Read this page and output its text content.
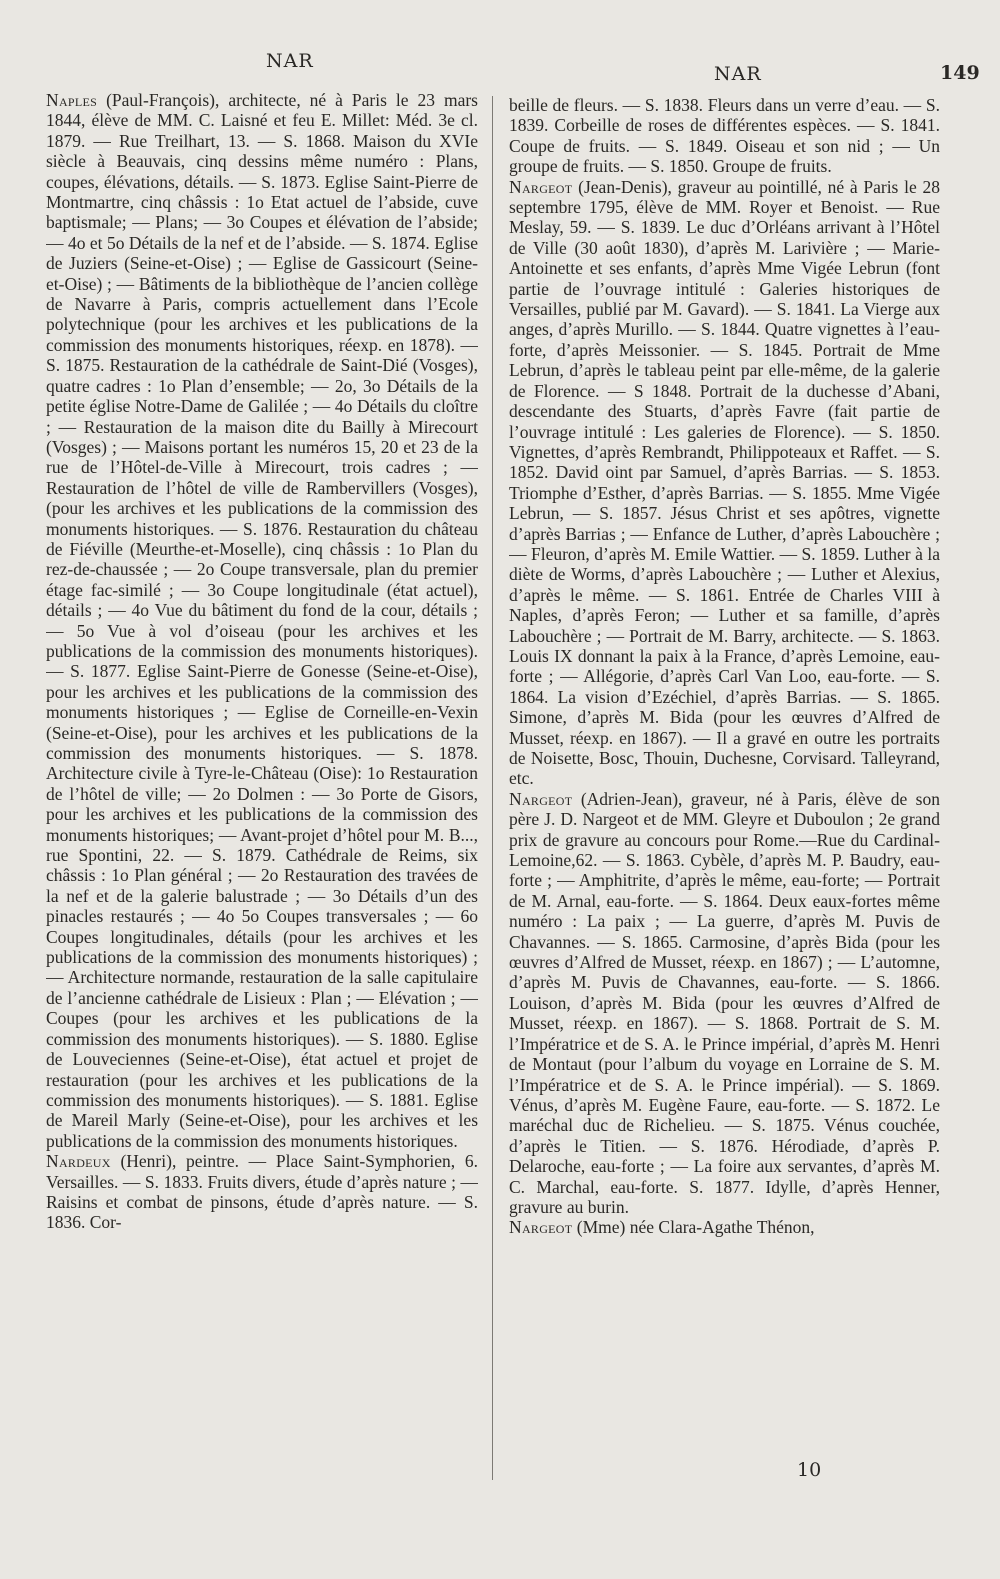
NAR
NAR	149

Naples (Paul-François), architecte, né à Paris le 23 mars 1844, élève de MM. C. Laisné et feu E. Millet: Méd. 3e cl. 1879. — Rue Treilhart, 13. — S. 1868. Maison du XVIe siècle à Beauvais, cinq dessins même numéro : Plans, coupes, élévations, détails. — S. 1873. Eglise Saint-Pierre de Montmartre, cinq châssis : 1o Etat actuel de l’abside, cuve baptismale; — Plans; — 3o Coupes et élévation de l’abside; — 4o et 5o Détails de la nef et de l’abside. — S. 1874. Eglise de Juziers (Seine-et-Oise) ; — Eglise de Gassicourt (Seine-et-Oise) ; — Bâtiments de la bibliothèque de l’ancien collège de Navarre à Paris, compris actuellement dans l’Ecole polytechnique (pour les archives et les publications de la commission des monuments historiques, réexp. en 1878). — S. 1875. Restauration de la cathédrale de Saint-Dié (Vosges), quatre cadres : 1o Plan d’ensemble; — 2o, 3o Détails de la petite église Notre-Dame de Galilée ; — 4o Détails du cloître ; — Restauration de la maison dite du Bailly à Mirecourt (Vosges) ; — Maisons portant les numéros 15, 20 et 23 de la rue de l’Hôtel-de-Ville à Mirecourt, trois cadres ; — Restauration de l’hôtel de ville de Rambervillers (Vosges), (pour les archives et les publications de la commission des monuments historiques. — S. 1876. Restauration du château de Fiéville (Meurthe-et-Moselle), cinq châssis : 1o Plan du rez-de-chaussée ; — 2o Coupe transversale, plan du premier étage fac-similé ; — 3o Coupe longitudinale (état actuel), détails ; — 4o Vue du bâtiment du fond de la cour, détails ; — 5o Vue à vol d’oiseau (pour les archives et les publications de la commission des monuments historiques).— S. 1877. Eglise Saint-Pierre de Gonesse (Seine-et-Oise), pour les archives et les publications de la commission des monuments historiques ; — Eglise de Corneille-en-Vexin (Seine-et-Oise), pour les archives et les publications de la commission des monuments historiques. — S. 1878. Architecture civile à Tyre-le-Château (Oise): 1o Restauration de l’hôtel de ville; — 2o Dolmen : — 3o Porte de Gisors, pour les archives et les publications de la commission des monuments historiques; — Avant-projet d’hôtel pour M. B..., rue Spontini, 22. — S. 1879. Cathédrale de Reims, six châssis : 1o Plan général ; — 2o Restauration des travées de la nef et de la galerie balustrade ; — 3o Détails d’un des pinacles restaurés ; — 4o 5o Coupes transversales ; — 6o Coupes longitudinales, détails (pour les archives et les publications de la commission des monuments historiques) ; — Architecture normande, restauration de la salle capitulaire de l’ancienne cathédrale de Lisieux : Plan ; — Elévation ; — Coupes (pour les archives et les publications de la commission des monuments historiques). — S. 1880. Eglise de Louveciennes (Seine-et-Oise), état actuel et projet de restauration (pour les archives et les publications de la commission des monuments historiques). — S. 1881. Eglise de Mareil Marly (Seine-et-Oise), pour les archives et les publications de la commission des monuments historiques.

Nardeux (Henri), peintre. — Place Saint-Symphorien, 6. Versailles. — S. 1833. Fruits divers, étude d’après nature ; — Raisins et combat de pinsons, étude d’après nature. — S. 1836. Cor-

beille de fleurs. — S. 1838. Fleurs dans un verre d’eau. — S. 1839. Corbeille de roses de différentes espèces. — S. 1841. Coupe de fruits. — S. 1849. Oiseau et son nid ; — Un groupe de fruits. — S. 1850. Groupe de fruits.

Nargeot (Jean-Denis), graveur au pointillé, né à Paris le 28 septembre 1795, élève de MM. Royer et Benoist. — Rue Meslay, 59. — S. 1839. Le duc d’Orléans arrivant à l’Hôtel de Ville (30 août 1830), d’après M. Larivière ; — Marie-Antoinette et ses enfants, d’après Mme Vigée Lebrun (font partie de l’ouvrage intitulé : Galeries historiques de Versailles, publié par M. Gavard). — S. 1841. La Vierge aux anges, d’après Murillo. — S. 1844. Quatre vignettes à l’eau-forte, d’après Meissonier. — S. 1845. Portrait de Mme Lebrun, d’après le tableau peint par elle-même, de la galerie de Florence. — S 1848. Portrait de la duchesse d’Abani, descendante des Stuarts, d’après Favre (fait partie de l’ouvrage intitulé : Les galeries de Florence). — S. 1850. Vignettes, d’après Rembrandt, Philippoteaux et Raffet. — S. 1852. David oint par Samuel, d’après Barrias. — S. 1853. Triomphe d’Esther, d’après Barrias. — S. 1855. Mme Vigée Lebrun, — S. 1857. Jésus Christ et ses apôtres, vignette d’après Barrias ; — Enfance de Luther, d’après Labouchère ; — Fleuron, d’après M. Emile Wattier. — S. 1859. Luther à la diète de Worms, d’après Labouchère ; — Luther et Alexius, d’après le même. — S. 1861. Entrée de Charles VIII à Naples, d’après Feron; — Luther et sa famille, d’après Labouchère ; — Portrait de M. Barry, architecte. — S. 1863. Louis IX donnant la paix à la France, d’après Lemoine, eau-forte ; — Allégorie, d’après Carl Van Loo, eau-forte. — S. 1864. La vision d’Ezéchiel, d’après Barrias. — S. 1865. Simone, d’après M. Bida (pour les œuvres d’Alfred de Musset, réexp. en 1867). — Il a gravé en outre les portraits de Noisette, Bosc, Thouin, Duchesne, Corvisard. Talleyrand, etc.

Nargeot (Adrien-Jean), graveur, né à Paris, élève de son père J. D. Nargeot et de MM. Gleyre et Duboulon ; 2e grand prix de gravure au concours pour Rome.—Rue du Cardinal-Lemoine,62. — S. 1863. Cybèle, d’après M. P. Baudry, eau-forte ; — Amphitrite, d’après le même, eau-forte; — Portrait de M. Arnal, eau-forte. — S. 1864. Deux eaux-fortes même numéro : La paix ; — La guerre, d’après M. Puvis de Chavannes. — S. 1865. Carmosine, d’après Bida (pour les œuvres d’Alfred de Musset, réexp. en 1867) ; — L’automne, d’après M. Puvis de Chavannes, eau-forte. — S. 1866. Louison, d’après M. Bida (pour les œuvres d’Alfred de Musset, réexp. en 1867). — S. 1868. Portrait de S. M. l’Impératrice et de S. A. le Prince impérial, d’après M. Henri de Montaut (pour l’album du voyage en Lorraine de S. M. l’Impératrice et de S. A. le Prince impérial). — S. 1869. Vénus, d’après M. Eugène Faure, eau-forte. — S. 1872. Le maréchal duc de Richelieu. — S. 1875. Vénus couchée, d’après le Titien. — S. 1876. Hérodiade, d’après P. Delaroche, eau-forte ; — La foire aux servantes, d’après M. C. Marchal, eau-forte. S. 1877. Idylle, d’après Henner, gravure au burin.

Nargeot (Mme) née Clara-Agathe Thénon,

10
